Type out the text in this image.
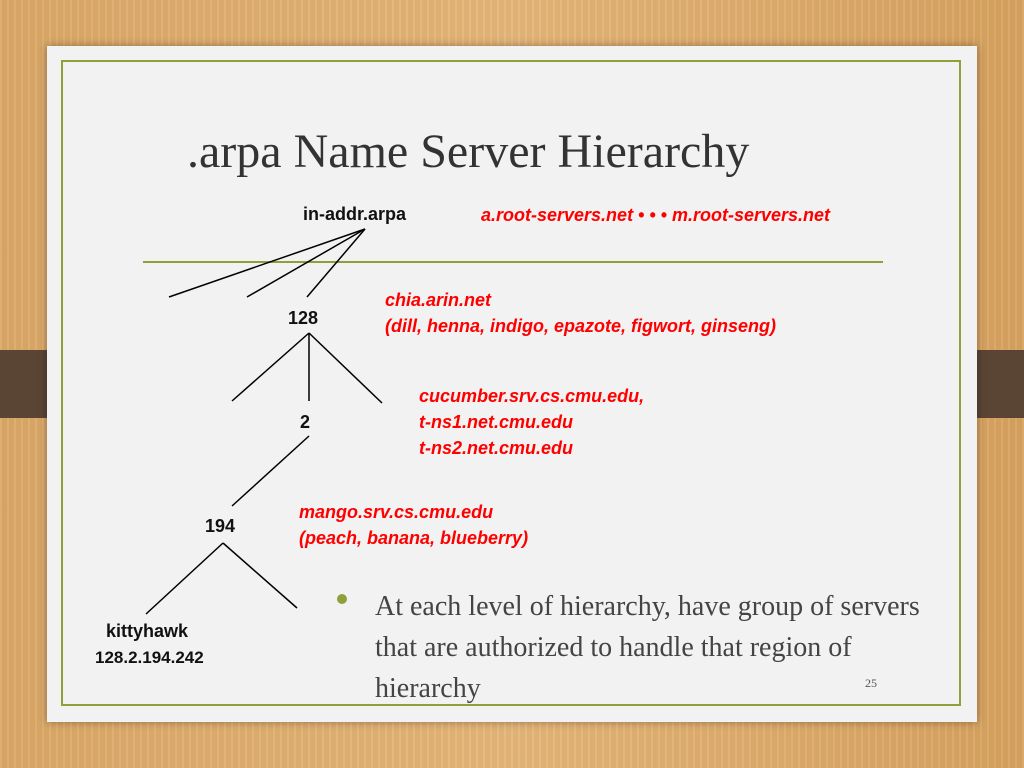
.arpa Name Server Hierarchy
in-addr.arpa
128
2
194
kittyhawk
128.2.194.242
a.root-servers.net • • • m.root-servers.net
chia.arin.net
(dill, henna, indigo, epazote, figwort, ginseng)
cucumber.srv.cs.cmu.edu,
t-ns1.net.cmu.edu
t-ns2.net.cmu.edu
mango.srv.cs.cmu.edu
(peach, banana, blueberry)
At each level of hierarchy, have group of servers that are authorized to handle that region of hierarchy	25
